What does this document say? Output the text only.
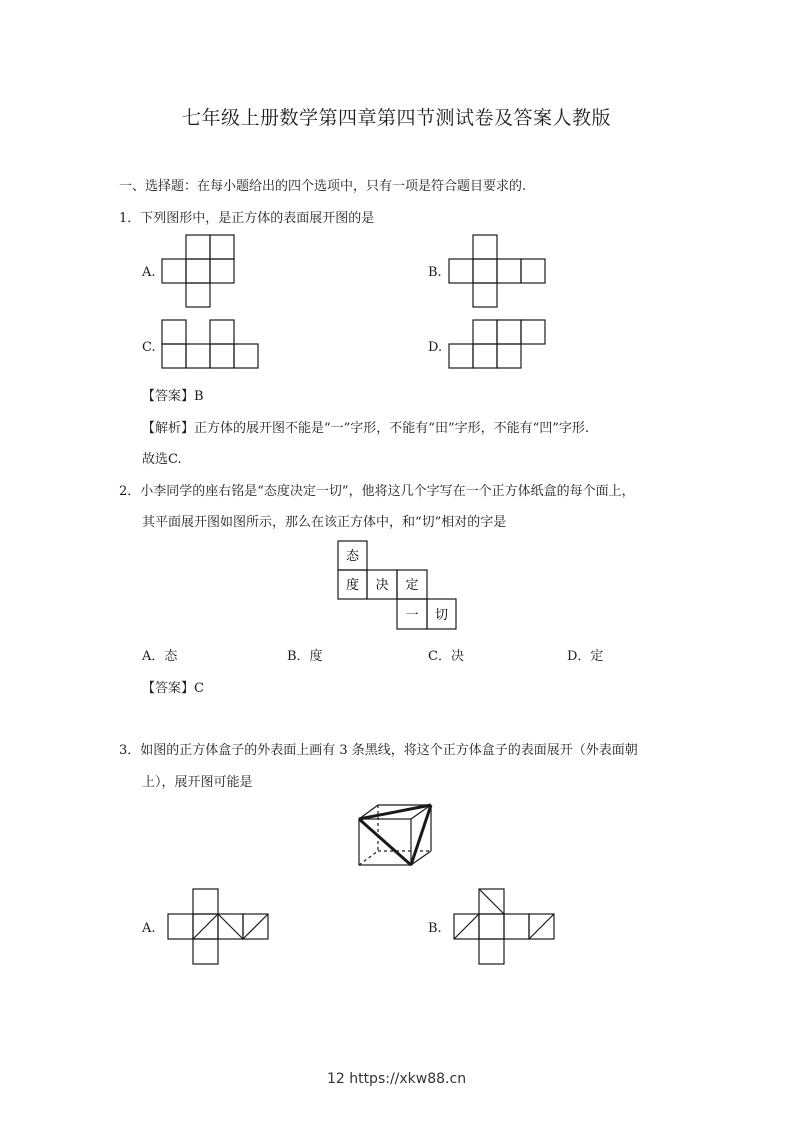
七年级上册数学第四章第四节测试卷及答案人教版
一、选择题：在每小题给出的四个选项中，只有一项是符合题目要求的.
1．下列图形中，是正方体的表面展开图的是
A.	B.
C.	D.
【答案】B
【解析】正方体的展开图不能是“一”字形，不能有“田”字形，不能有“凹”字形.
故选C.
2．小李同学的座右铭是“态度决定一切”，他将这几个字写在一个正方体纸盒的每个面上，
其平面展开图如图所示，那么在该正方体中，和“切”相对的字是
态
度 决 定
一 切
A．态	B．度	C．决	D．定
【答案】C
3．如图的正方体盒子的外表面上画有 3 条黑线，将这个正方体盒子的表面展开（外表面朝
上），展开图可能是
A.	B.
12 https://xkw88.cn
